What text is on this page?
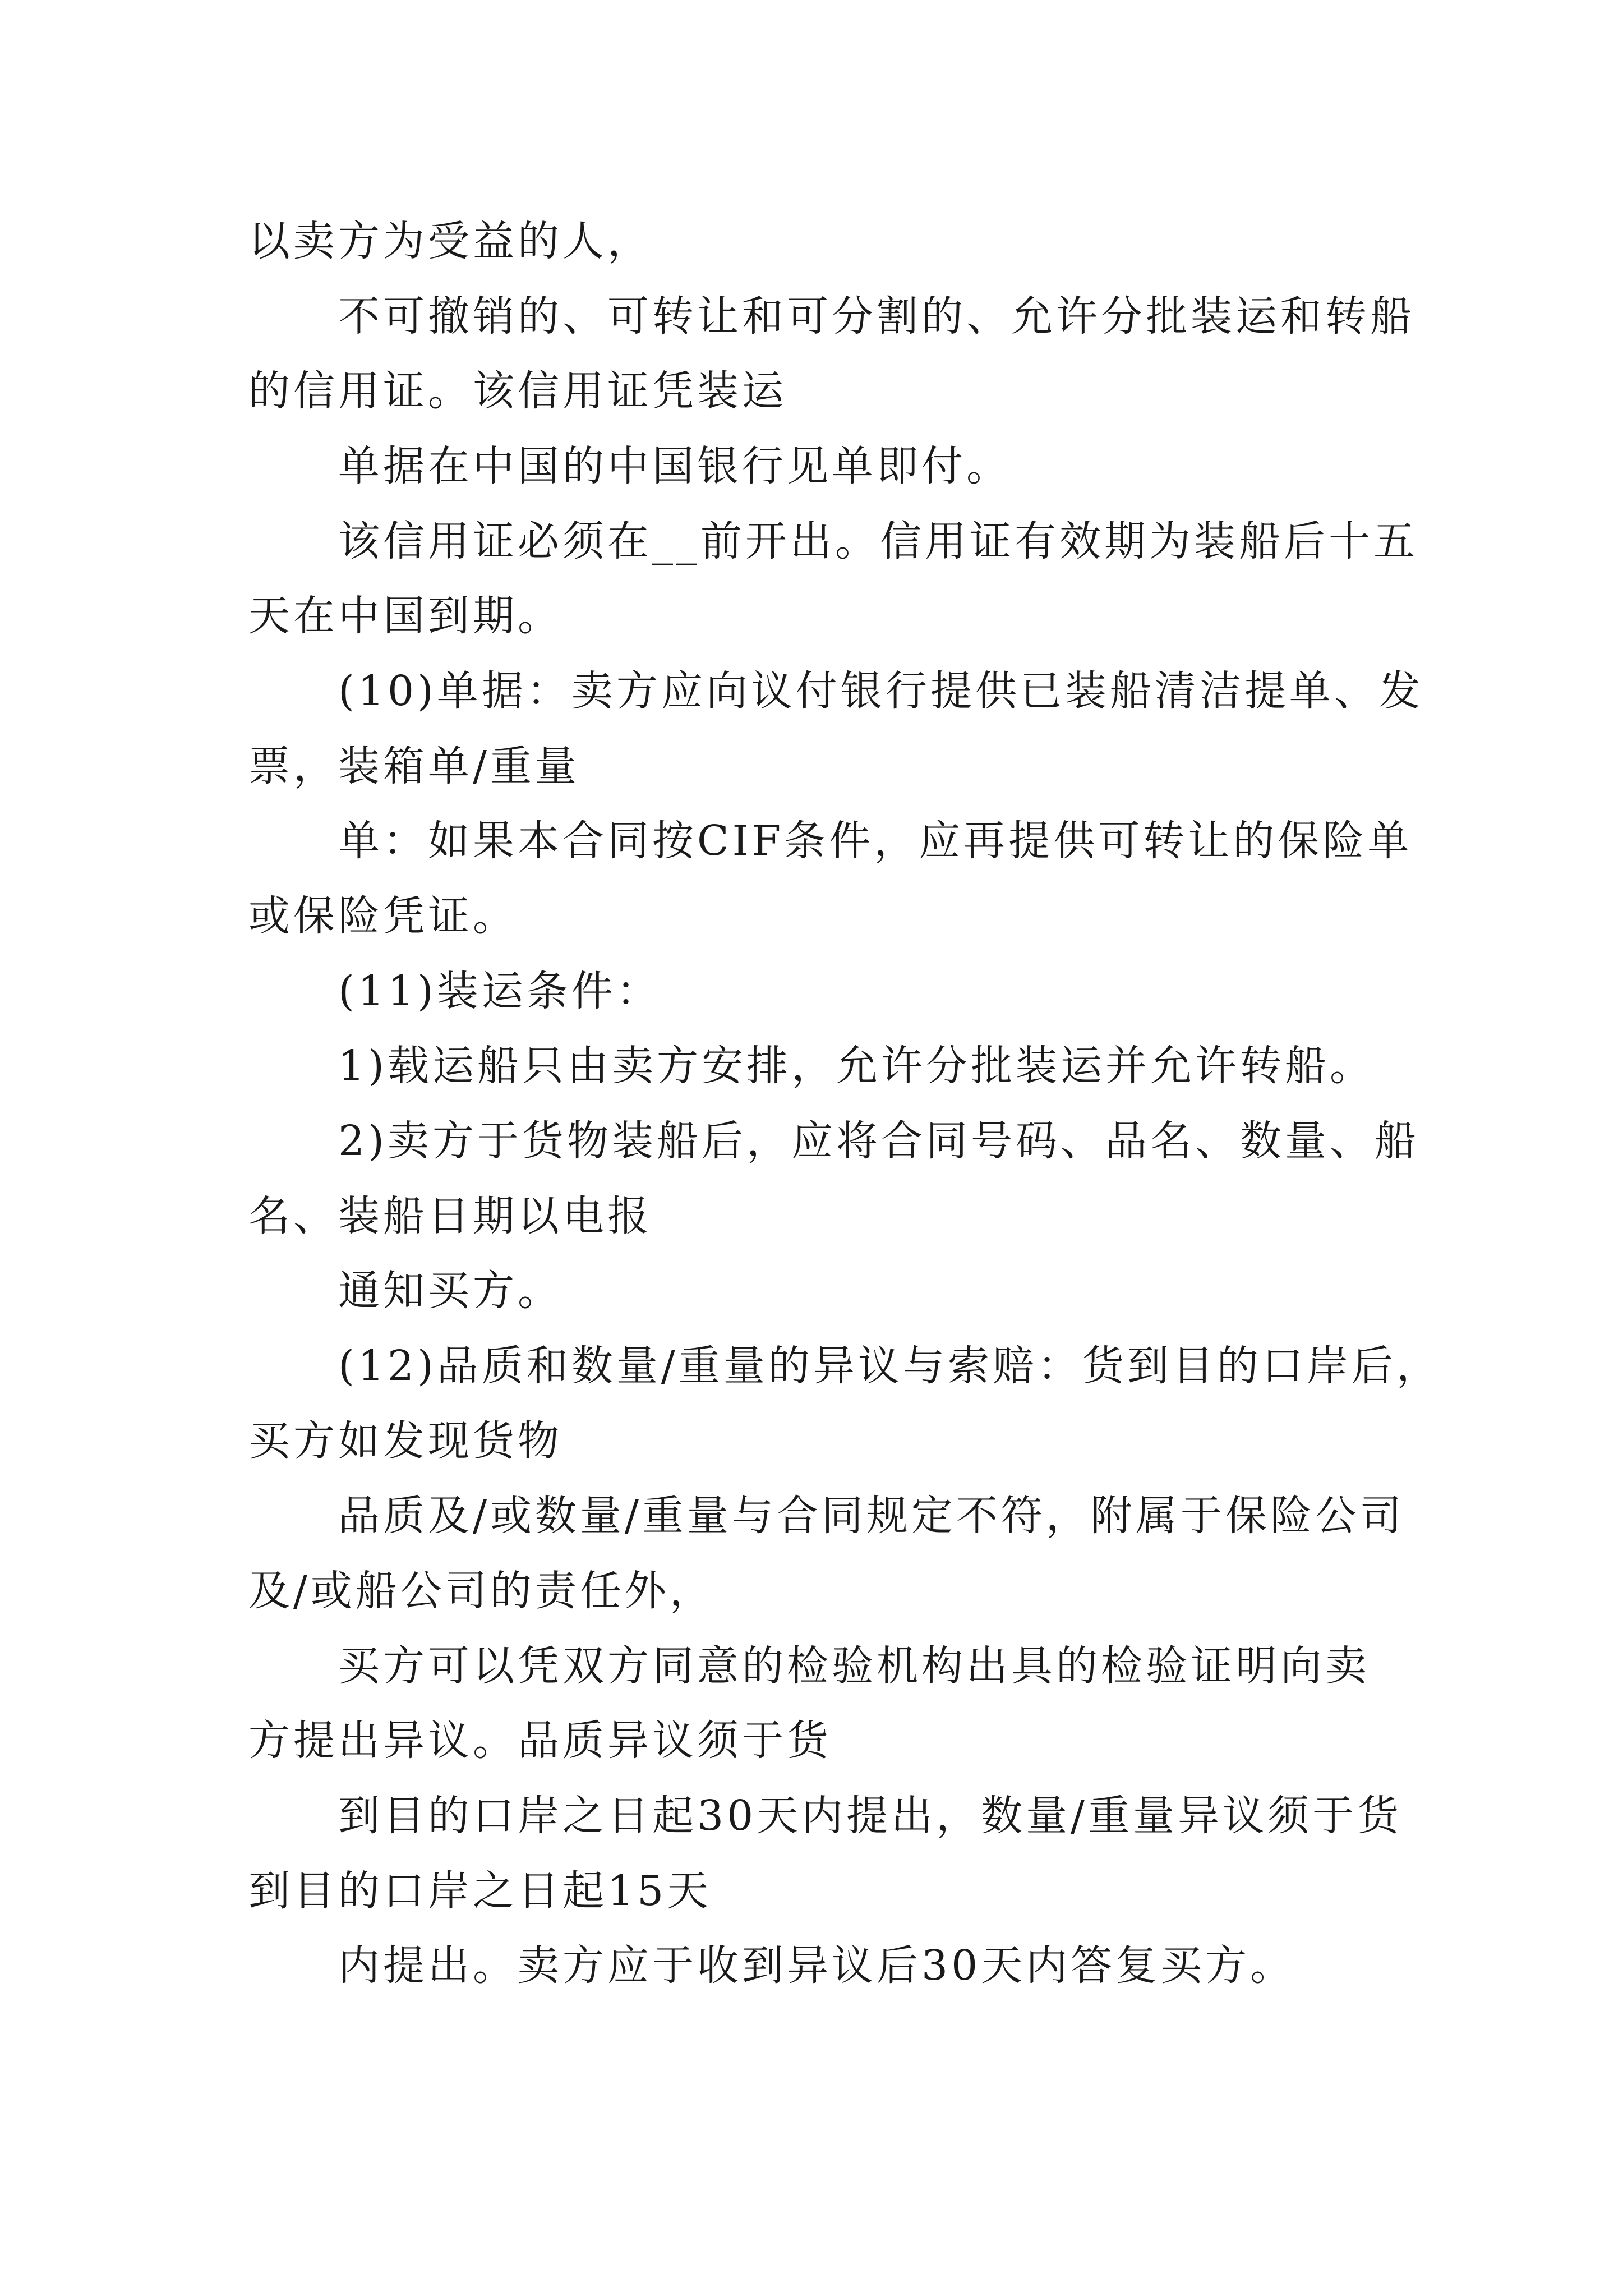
以卖方为受益的人，
不可撤销的、可转让和可分割的、允许分批装运和转船
的信用证。该信用证凭装运
单据在中国的中国银行见单即付。
该信用证必须在__前开出。信用证有效期为装船后十五
天在中国到期。
(10)单据：卖方应向议付银行提供已装船清洁提单、发
票，装箱单/重量
单：如果本合同按CIF条件，应再提供可转让的保险单
或保险凭证。
(11)装运条件：
1)载运船只由卖方安排，允许分批装运并允许转船。
2)卖方于货物装船后，应将合同号码、品名、数量、船
名、装船日期以电报
通知买方。
(12)品质和数量/重量的异议与索赔：货到目的口岸后，
买方如发现货物
品质及/或数量/重量与合同规定不符，附属于保险公司
及/或船公司的责任外，
买方可以凭双方同意的检验机构出具的检验证明向卖
方提出异议。品质异议须于货
到目的口岸之日起30天内提出，数量/重量异议须于货
到目的口岸之日起15天
内提出。卖方应于收到异议后30天内答复买方。
